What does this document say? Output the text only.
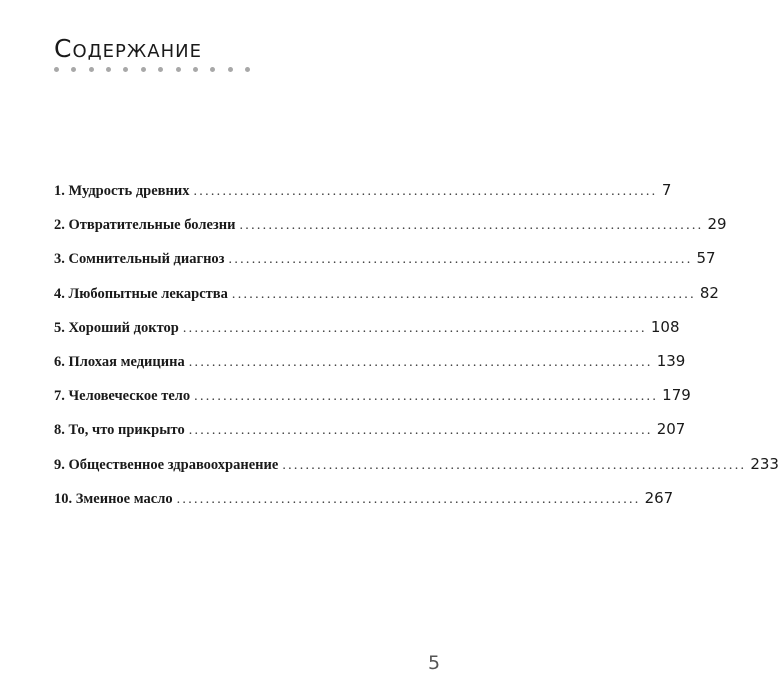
Содержание
1. Мудрость древних ................................................................................ 7
2. Отвратительные болезни ................................................................................ 29
3. Сомнительный диагноз ................................................................................ 57
4. Любопытные лекарства ................................................................................ 82
5. Хороший доктор ................................................................................ 108
6. Плохая медицина ................................................................................ 139
7. Человеческое тело ................................................................................ 179
8. То, что прикрыто ................................................................................ 207
9. Общественное здравоохранение ................................................................................ 233
10. Змеиное масло ................................................................................ 267
5
